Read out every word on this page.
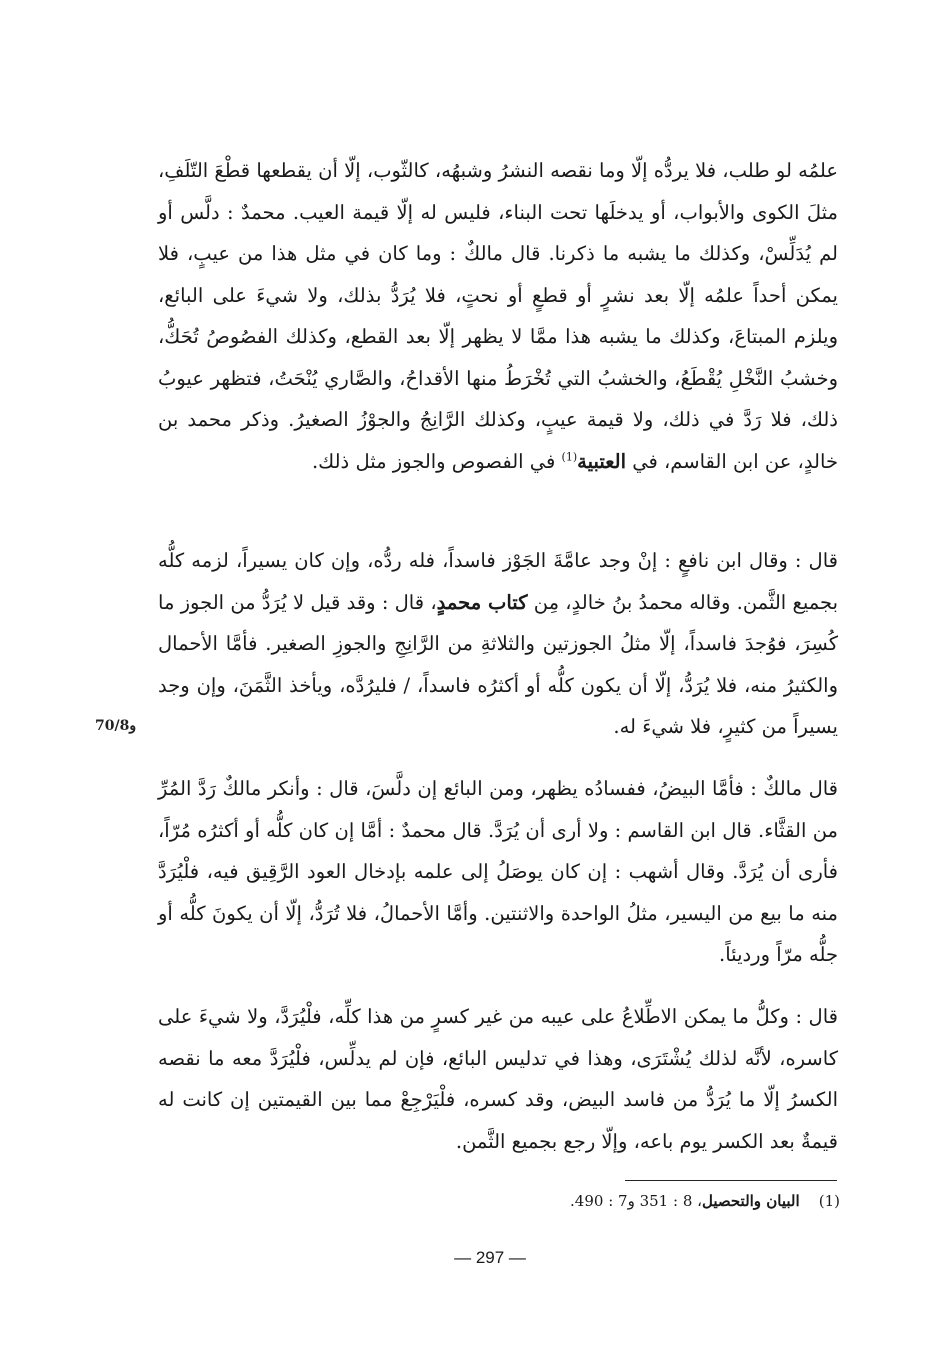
علمُه لو طلب، فلا يردُّه إلّا وما نقصه النشرُ وشبهُه، كالثّوب، إلّا أن يقطعها قطْعَ التّلَفِ، مثلَ الكوى والأبواب، أو يدخلَها تحت البناء، فليس له إلّا قيمة العيب. محمدٌ : دلَّس أو لم يُدَلِّسْ، وكذلك ما يشبه ما ذكرنا. قال مالكٌ : وما كان في مثل هذا من عيبٍ، فلا يمكن أحداً علمُه إلّا بعد نشرٍ أو قطعٍ أو نحتٍ، فلا يُرَدُّ بذلك، ولا شيءَ على البائع، ويلزم المبتاعَ، وكذلك ما يشبه هذا ممَّا لا يظهر إلّا بعد القطع، وكذلك الفصُوصُ تُحَكُّ، وخشبُ النَّخْلِ يُقْطَعُ، والخشبُ التي تُخْرَطُ منها الأقداحُ، والصَّاري يُنْحَتُ، فتظهر عيوبُ ذلك، فلا رَدَّ في ذلك، ولا قيمة عيبٍ، وكذلك الرَّانِجُ والجوْزُ الصغيرُ. وذكر محمد بن خالدٍ، عن ابن القاسم، في العتبية$^{(1)}$ في الفصوص والجوز مثل ذلك.

قال : وقال ابن نافعٍ : إنْ وجد عامَّةَ الجَوْز فاسداً، فله ردُّه، وإن كان يسيراً، لزمه كلُّه بجميع الثَّمن. وقاله محمدُ بنُ خالدٍ، مِن كتاب محمدٍ، قال : وقد قيل لا يُرَدُّ من الجوز ما كُسِرَ، فوُجدَ فاسداً، إلّا مثلُ الجوزتين والثلاثةِ من الرَّانِجِ والجوزِ الصغير. فأمَّا الأحمال والكثيرُ منه، فلا يُرَدُّ، إلّا أن يكون كلُّه أو أكثرُه فاسداً، / فليرُدَّه، ويأخذ الثَّمَنَ، وإن وجد يسيراً من كثيرٍ، فلا شيءَ له.

70/8و

قال مالكٌ : فأمَّا البيضُ، ففسادُه يظهر، ومن البائع إن دلَّسَ، قال : وأنكر مالكٌ رَدَّ المُرِّ من القثَّاء. قال ابن القاسم : ولا أرى أن يُرَدَّ. قال محمدٌ : أمَّا إن كان كلُّه أو أكثرُه مُرّاً، فأرى أن يُرَدَّ. وقال أشهب : إن كان يوصَلُ إلى علمه بإدخال العود الرَّقِيق فيه، فلْيُرَدَّ منه ما بيع من اليسير، مثلُ الواحدة والاثنتين. وأمَّا الأحمالُ، فلا تُرَدُّ، إلّا أن يكونَ كلُّه أو جلُّه مرّاً ورديئاً.

قال : وكلُّ ما يمكن الاطِّلاعُ على عيبه من غير كسرٍ من هذا كلِّه، فلْيُرَدَّ، ولا شيءَ على كاسره، لأنَّه لذلك يُشْتَرَى، وهذا في تدليس البائع، فإن لم يدلِّس، فلْيُرَدَّ معه ما نقصه الكسرُ إلّا ما يُرَدُّ من فاسد البيض، وقد كسره، فلْيَرْجِعْ مما بين القيمتين إن كانت له قيمةٌ بعد الكسر يوم باعه، وإلّا رجع بجميع الثَّمن.

(1)    البيان والتحصيل، 8 : 351 و7 : 490.

— 297 —
